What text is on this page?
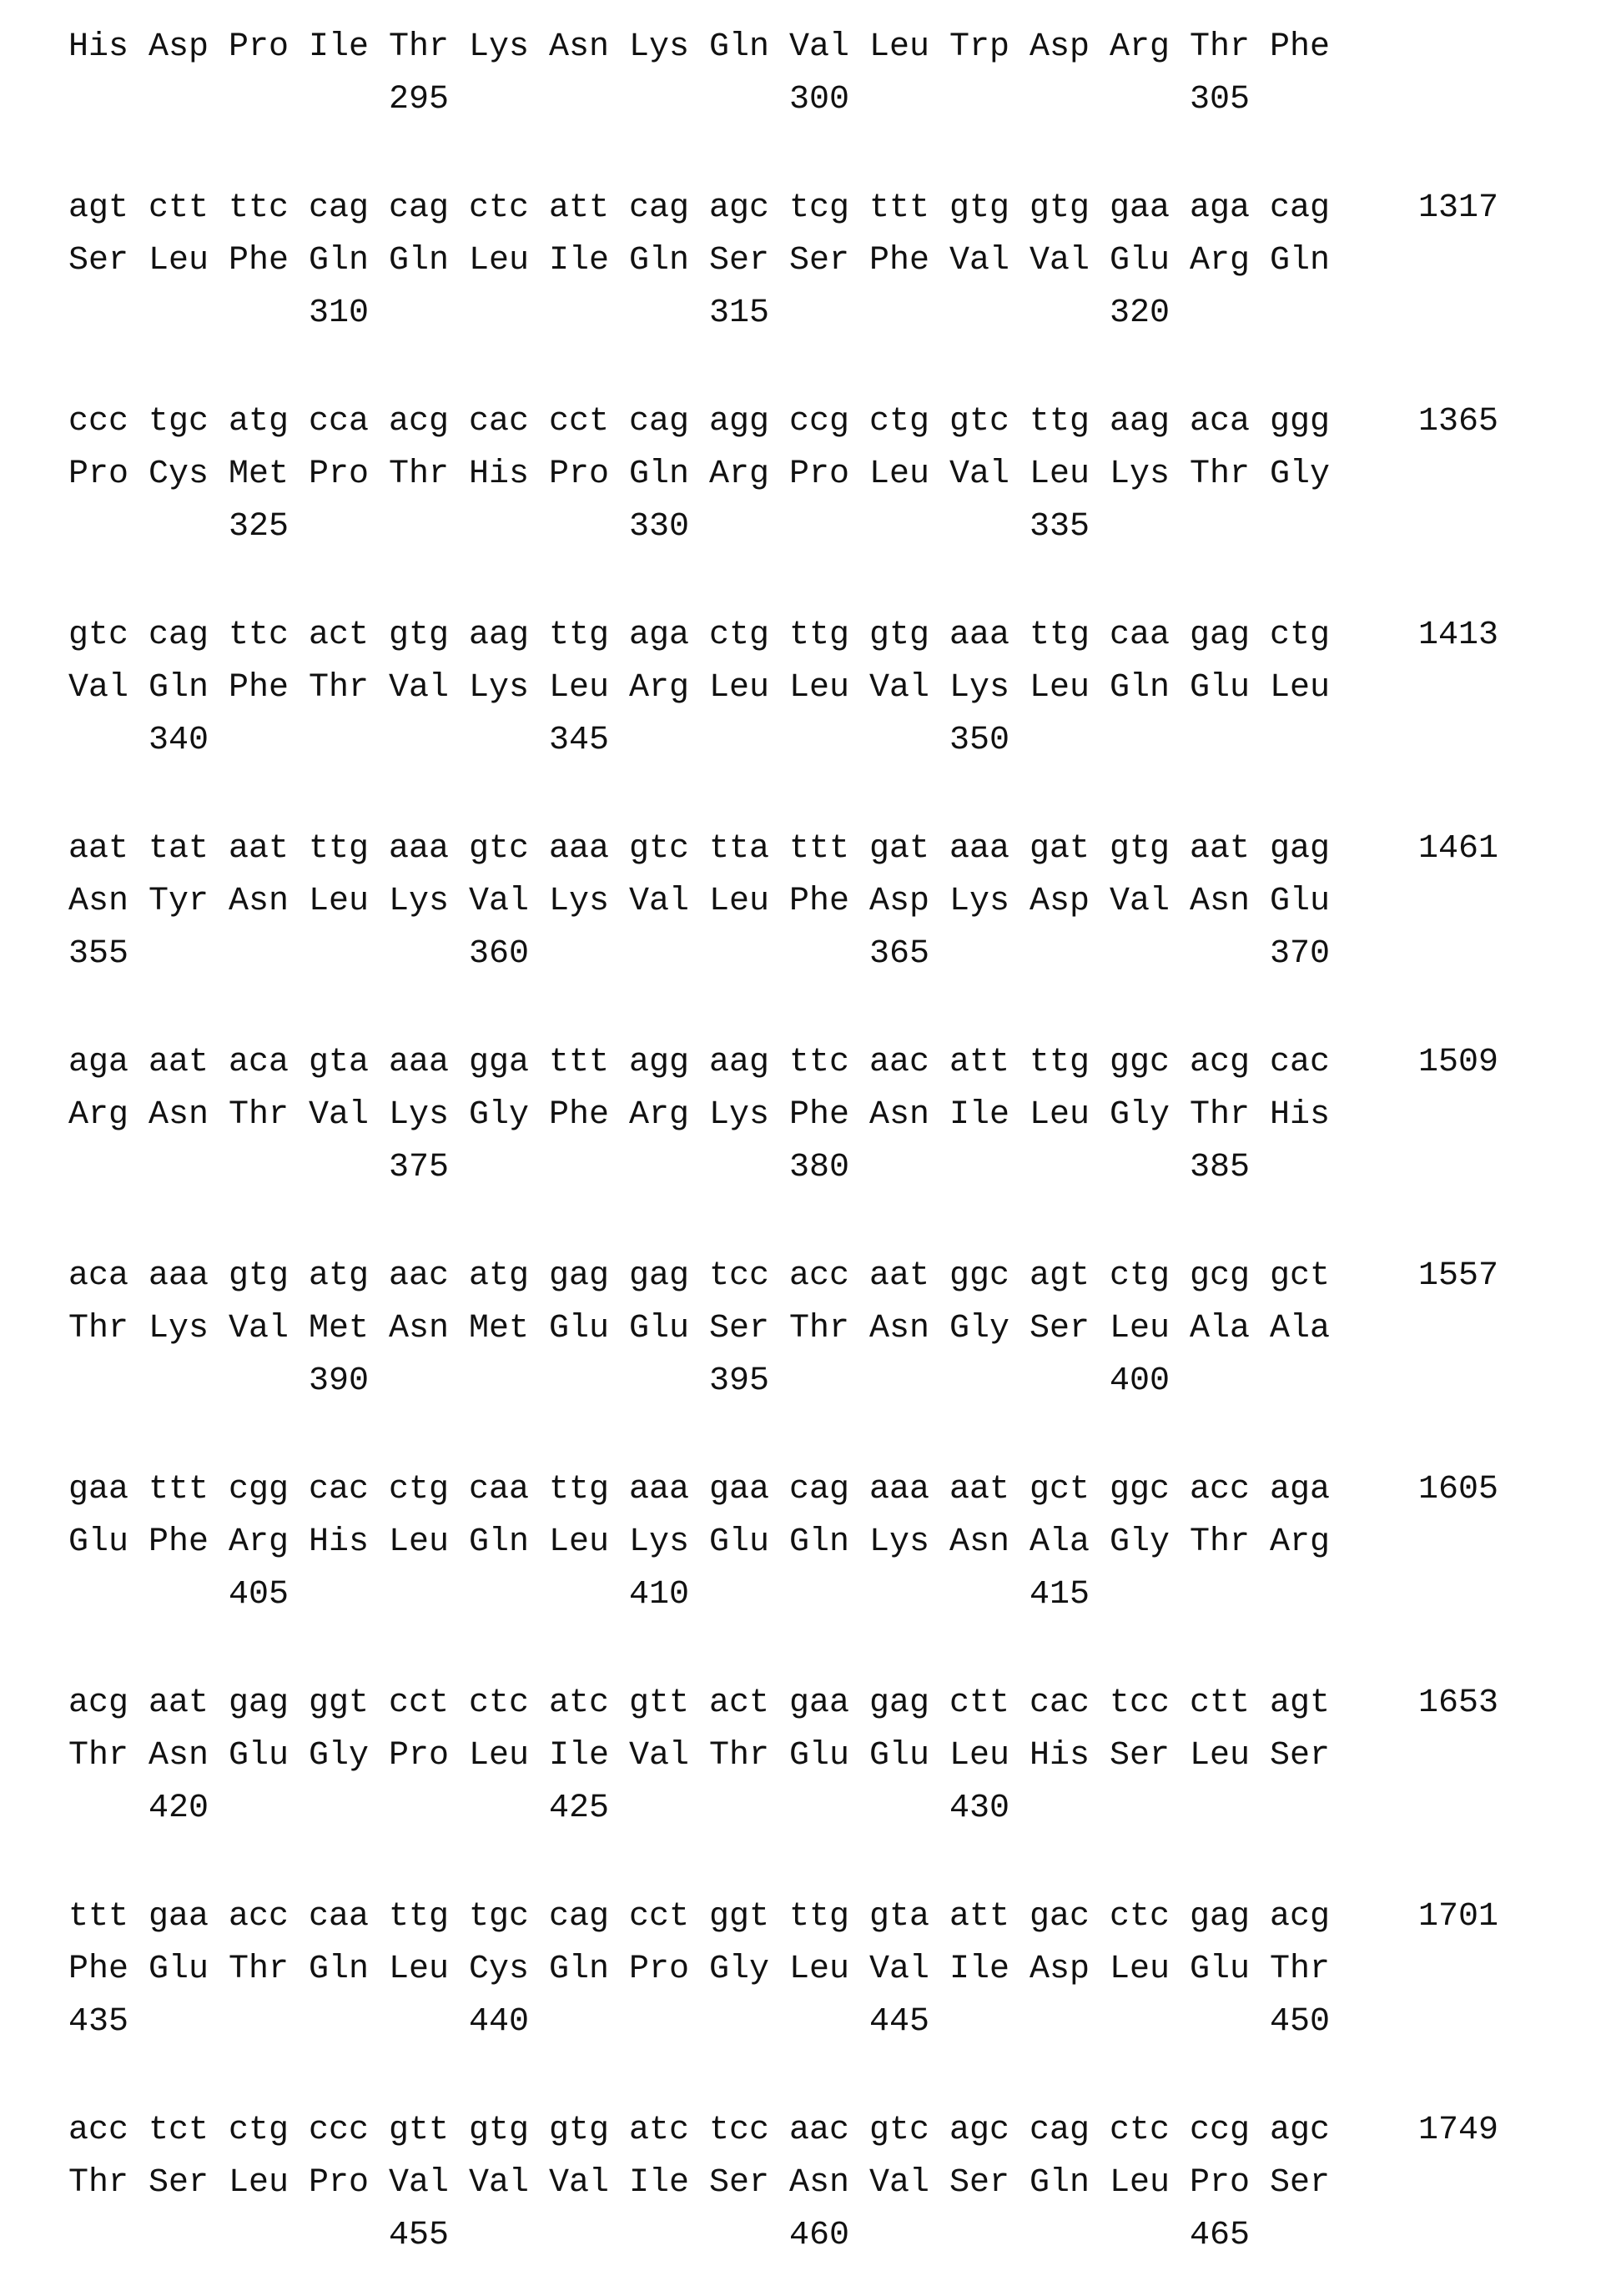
His Asp Pro Ile Thr Lys Asn Lys Gln Val Leu Trp Asp Arg Thr Phe
295	300	305
agt ctt ttc cag cag ctc att cag agc tcg ttt gtg gtg gaa aga cag
Ser Leu Phe Gln Gln Leu Ile Gln Ser Ser Phe Val Val Glu Arg Gln
310	315	320
1317
ccc tgc atg cca acg cac cct cag agg ccg ctg gtc ttg aag aca ggg
Pro Cys Met Pro Thr His Pro Gln Arg Pro Leu Val Leu Lys Thr Gly
325	330	335
1365
gtc cag ttc act gtg aag ttg aga ctg ttg gtg aaa ttg caa gag ctg
Val Gln Phe Thr Val Lys Leu Arg Leu Leu Val Lys Leu Gln Glu Leu
340	345	350
1413
aat tat aat ttg aaa gtc aaa gtc tta ttt gat aaa gat gtg aat gag
Asn Tyr Asn Leu Lys Val Lys Val Leu Phe Asp Lys Asp Val Asn Glu
355	360	365	370
1461
aga aat aca gta aaa gga ttt agg aag ttc aac att ttg ggc acg cac
Arg Asn Thr Val Lys Gly Phe Arg Lys Phe Asn Ile Leu Gly Thr His
375	380	385
1509
aca aaa gtg atg aac atg gag gag tcc acc aat ggc agt ctg gcg gct
Thr Lys Val Met Asn Met Glu Glu Ser Thr Asn Gly Ser Leu Ala Ala
390	395	400
1557
gaa ttt cgg cac ctg caa ttg aaa gaa cag aaa aat gct ggc acc aga
Glu Phe Arg His Leu Gln Leu Lys Glu Gln Lys Asn Ala Gly Thr Arg
405	410	415
1605
acg aat gag ggt cct ctc atc gtt act gaa gag ctt cac tcc ctt agt
Thr Asn Glu Gly Pro Leu Ile Val Thr Glu Glu Leu His Ser Leu Ser
420	425	430
1653
ttt gaa acc caa ttg tgc cag cct ggt ttg gta att gac ctc gag acg
Phe Glu Thr Gln Leu Cys Gln Pro Gly Leu Val Ile Asp Leu Glu Thr
435	440	445	450
1701
acc tct ctg ccc gtt gtg gtg atc tcc aac gtc agc cag ctc ccg agc
Thr Ser Leu Pro Val Val Val Ile Ser Asn Val Ser Gln Leu Pro Ser
455	460	465
1749
